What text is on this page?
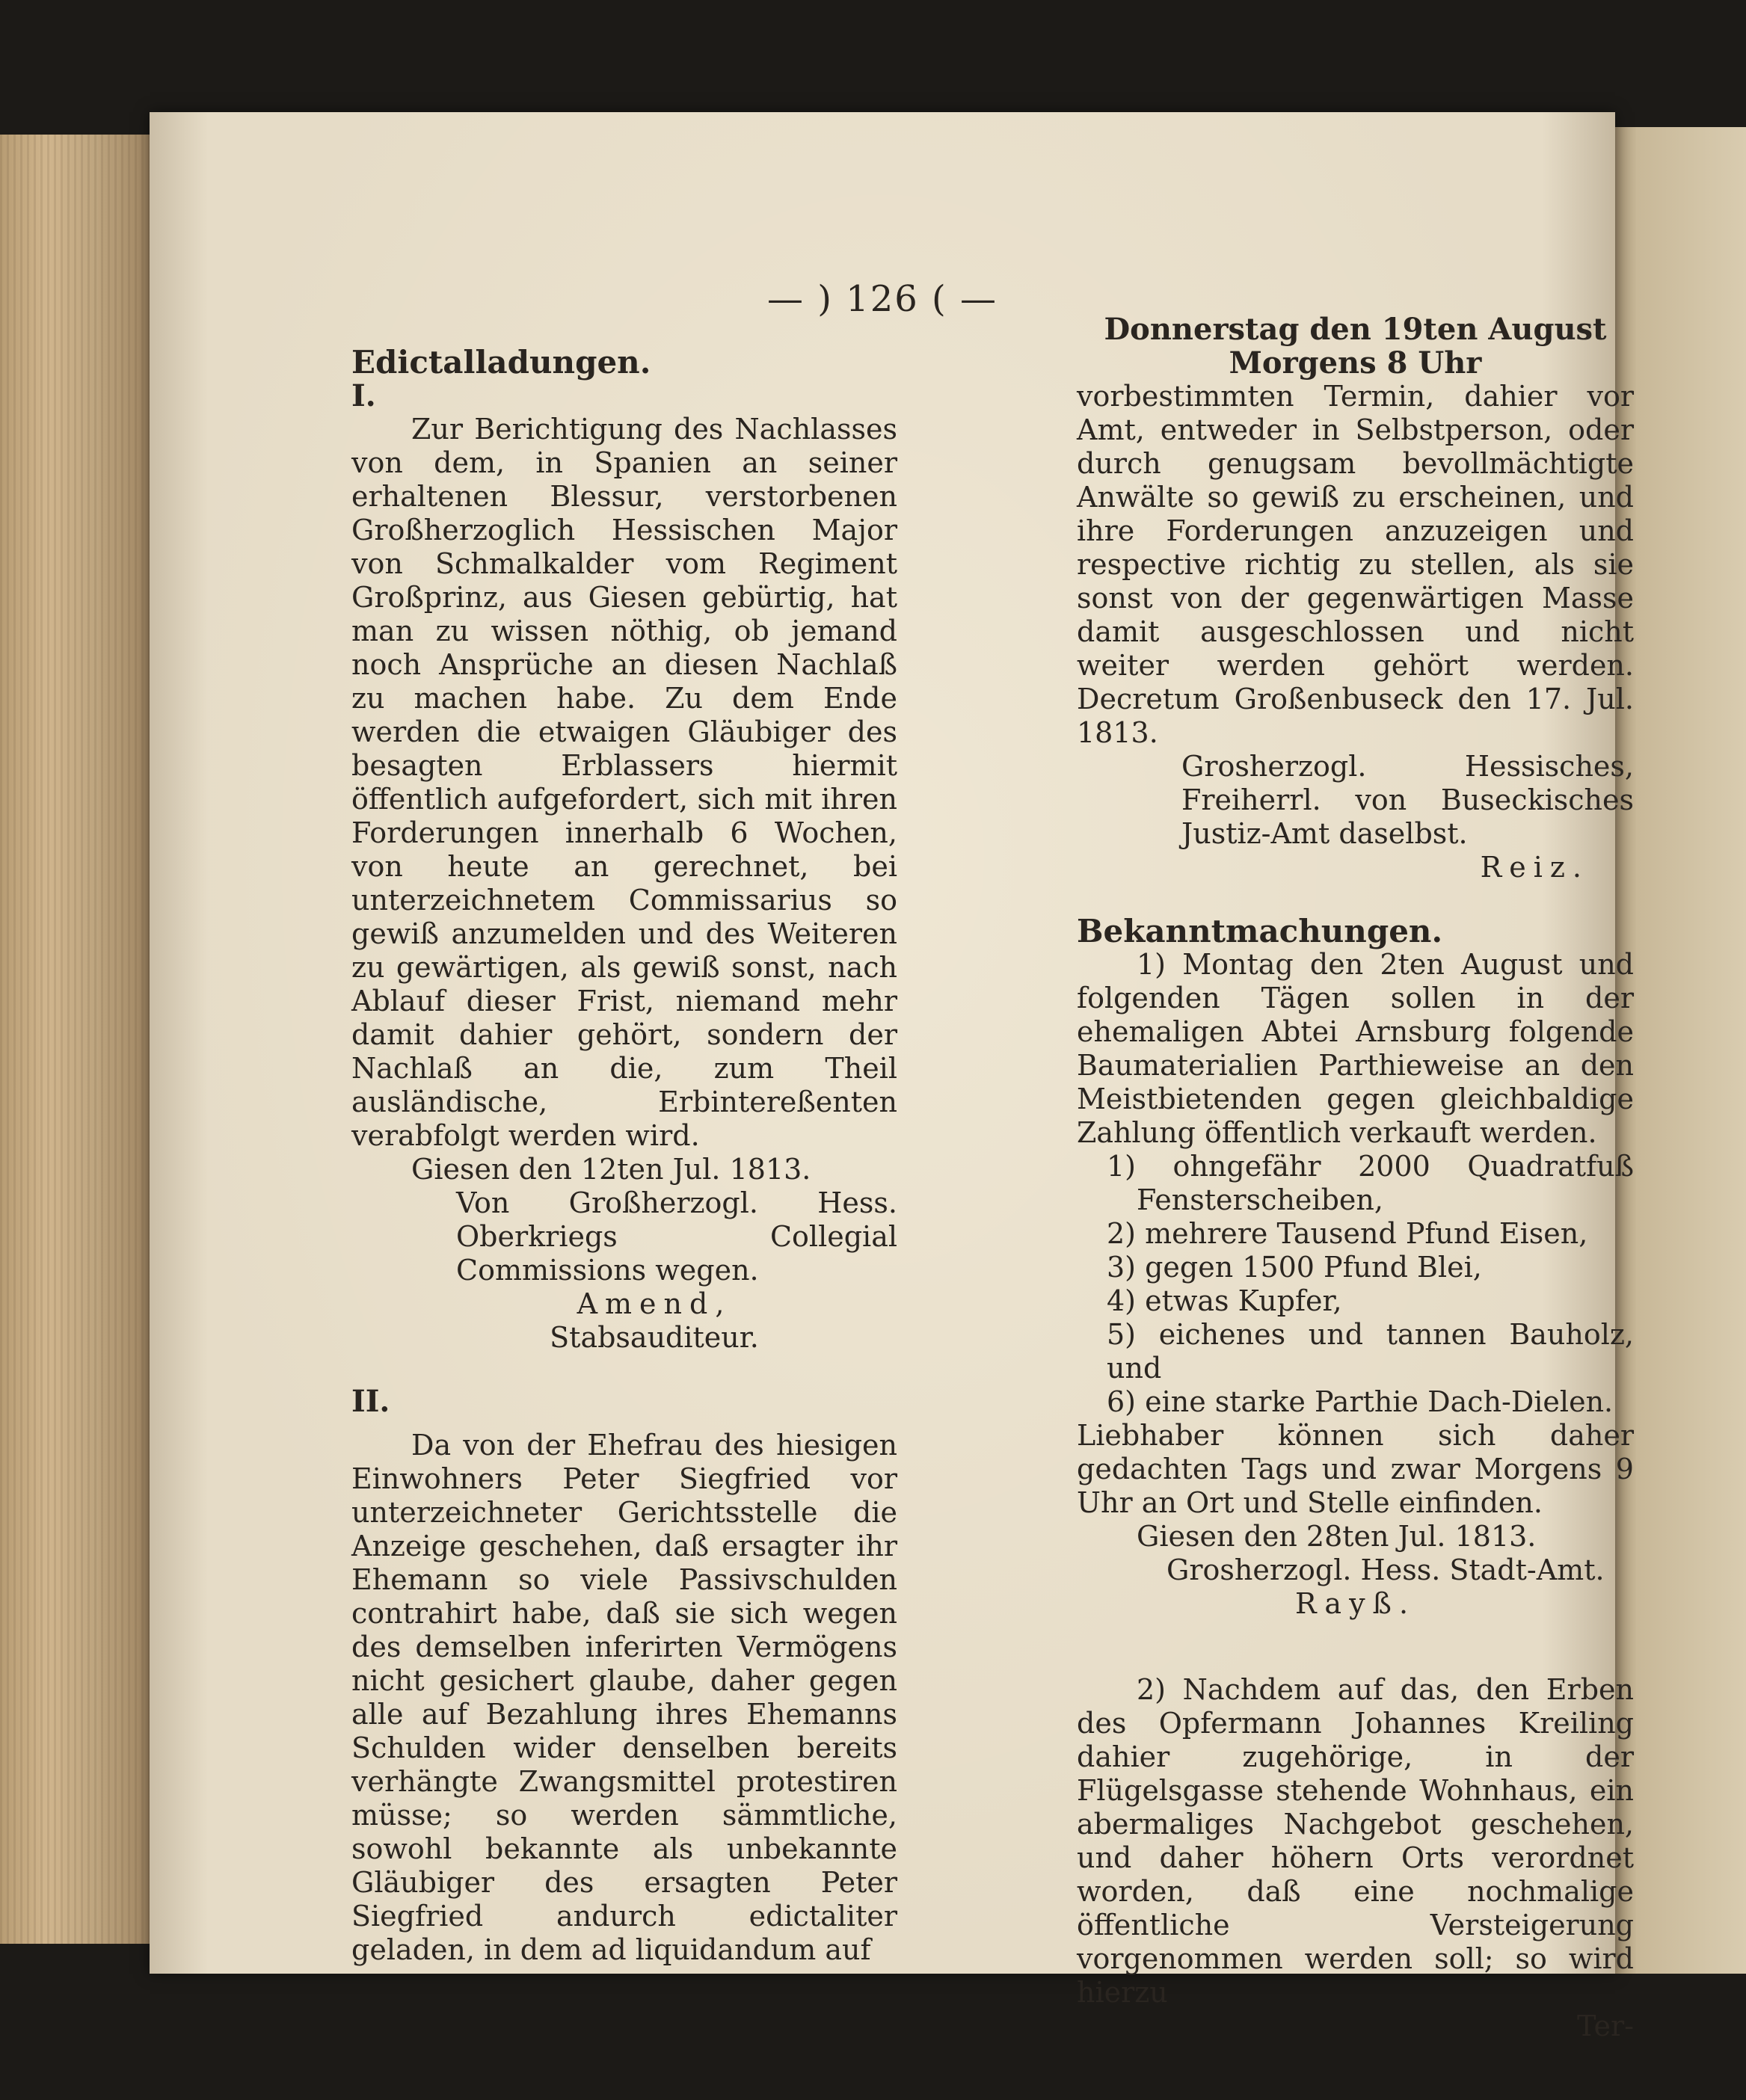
— ) 126 ( —

Edictalladungen.

I.

Zur Berichtigung des Nachlasses von dem, in Spanien an seiner erhaltenen Blessur, verstorbenen Großherzoglich Hessischen Major von Schmalkalder vom Regiment Großprinz, aus Giesen gebürtig, hat man zu wissen nöthig, ob jemand noch Ansprüche an diesen Nachlaß zu machen habe. Zu dem Ende werden die etwaigen Gläubiger des besagten Erblassers hiermit öffentlich aufgefordert, sich mit ihren Forderungen innerhalb 6 Wochen, von heute an gerechnet, bei unterzeichnetem Commissarius so gewiß anzumelden und des Weiteren zu gewärtigen, als gewiß sonst, nach Ablauf dieser Frist, niemand mehr damit dahier gehört, sondern der Nachlaß an die, zum Theil ausländische, Erbintereßenten verabfolgt werden wird.

Giesen den 12ten Jul. 1813.

Von Großherzogl. Hess. Oberkriegs Collegial Commissions wegen.

Amend,

Stabsauditeur.

II.

Da von der Ehefrau des hiesigen Einwohners Peter Siegfried vor unterzeichneter Gerichtsstelle die Anzeige geschehen, daß ersagter ihr Ehemann so viele Passivschulden contrahirt habe, daß sie sich wegen des demselben inferirten Vermögens nicht gesichert glaube, daher gegen alle auf Bezahlung ihres Ehemanns Schulden wider denselben bereits verhängte Zwangsmittel protestiren müsse; so werden sämmtliche, sowohl bekannte als unbekannte Gläubiger des ersagten Peter Siegfried andurch edictaliter geladen, in dem ad liquidandum auf

Donnerstag den 19ten August

Morgens 8 Uhr

vorbestimmten Termin, dahier vor Amt, entweder in Selbstperson, oder durch genugsam bevollmächtigte Anwälte so gewiß zu erscheinen, und ihre Forderungen anzuzeigen und respective richtig zu stellen, als sie sonst von der gegenwärtigen Masse damit ausgeschlossen und nicht weiter werden gehört werden. Decretum Großenbuseck den 17. Jul. 1813.

Grosherzogl. Hessisches, Freiherrl. von Buseckisches Justiz-Amt daselbst.

Reiz.

Bekanntmachungen.

1) Montag den 2ten August und folgenden Tägen sollen in der ehemaligen Abtei Arnsburg folgende Baumaterialien Parthieweise an den Meistbietenden gegen gleichbaldige Zahlung öffentlich verkauft werden.

1) ohngefähr 2000 Quadratfuß Fensterscheiben,

2) mehrere Tausend Pfund Eisen,

3) gegen 1500 Pfund Blei,

4) etwas Kupfer,

5) eichenes und tannen Bauholz, und

6) eine starke Parthie Dach-Dielen.

Liebhaber können sich daher gedachten Tags und zwar Morgens 9 Uhr an Ort und Stelle einfinden.

Giesen den 28ten Jul. 1813.

Grosherzogl. Hess. Stadt-Amt.

Rayß.

2) Nachdem auf das, den Erben des Opfermann Johannes Kreiling dahier zugehörige, in der Flügelsgasse stehende Wohnhaus, ein abermaliges Nachgebot geschehen, und daher höhern Orts verordnet worden, daß eine nochmalige öffentliche Versteigerung vorgenommen werden soll; so wird hierzu

Ter-
